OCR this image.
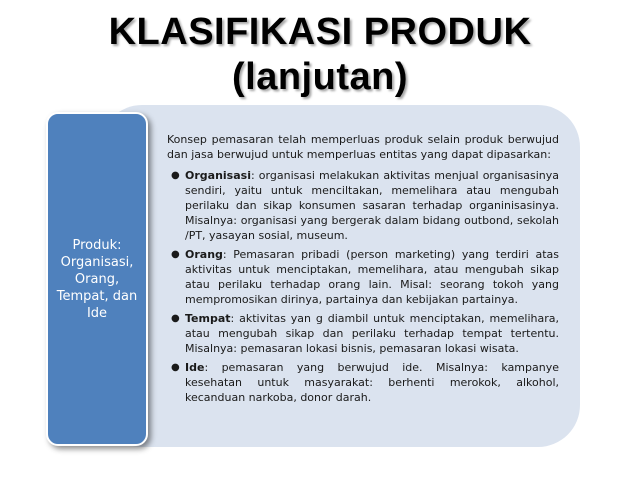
KLASIFIKASI PRODUK
(lanjutan)
Produk:
Organisasi,
Orang,
Tempat, dan
Ide

Konsep pemasaran telah memperluas produk selain produk berwujud dan jasa berwujud untuk memperluas entitas yang dapat dipasarkan:

● Organisasi: organisasi melakukan aktivitas menjual organisasinya sendiri, yaitu untuk menciltakan, memelihara atau mengubah perilaku dan sikap konsumen sasaran terhadap organinisasinya. Misalnya: organisasi yang bergerak dalam bidang outbond, sekolah /PT, yasayan sosial, museum.
● Orang: Pemasaran pribadi (person marketing) yang terdiri atas aktivitas untuk menciptakan, memelihara, atau mengubah sikap atau perilaku terhadap orang lain. Misal: seorang tokoh yang mempromosikan dirinya, partainya dan kebijakan partainya.
● Tempat: aktivitas yan g diambil untuk menciptakan, memelihara, atau mengubah sikap dan perilaku terhadap tempat tertentu. Misalnya: pemasaran lokasi bisnis, pemasaran lokasi wisata.
● Ide: pemasaran yang berwujud ide. Misalnya: kampanye kesehatan untuk masyarakat: berhenti merokok, alkohol, kecanduan narkoba, donor darah.
